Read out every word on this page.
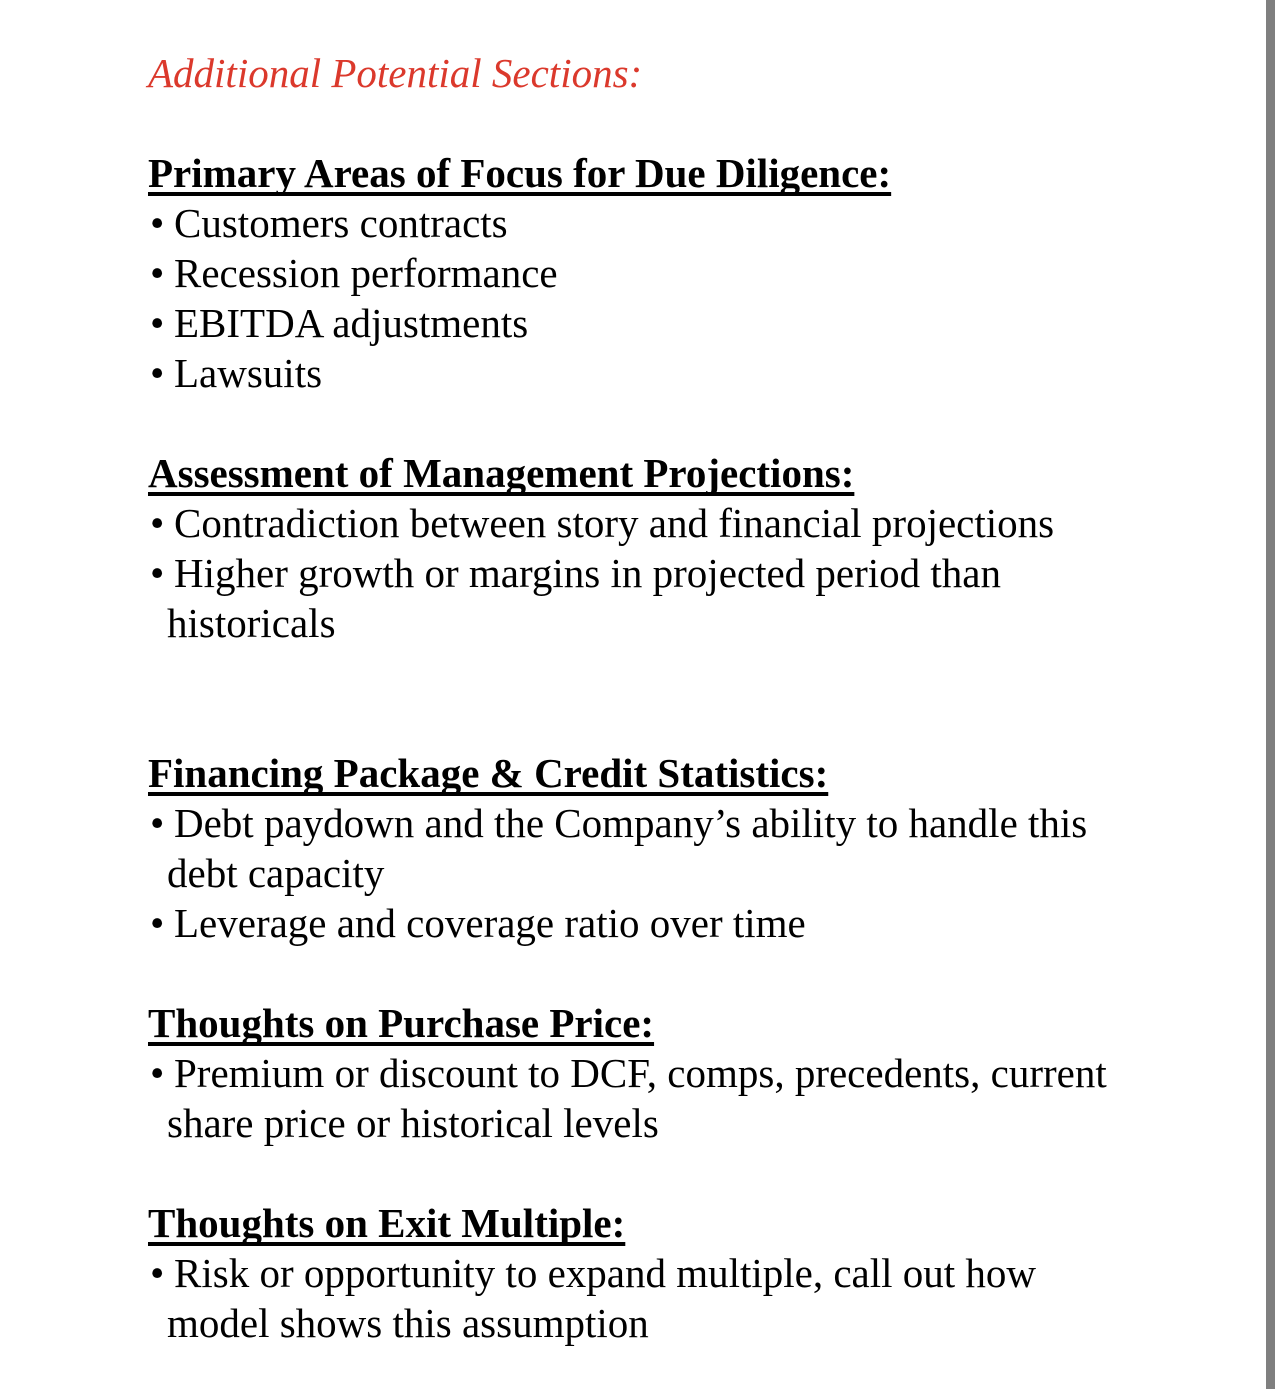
Additional Potential Sections:
Primary Areas of Focus for Due Diligence:
• Customers contracts
• Recession performance
• EBITDA adjustments
• Lawsuits
Assessment of Management Projections:
• Contradiction between story and financial projections
• Higher growth or margins in projected period than
historicals
Financing Package & Credit Statistics:
• Debt paydown and the Company’s ability to handle this
debt capacity
• Leverage and coverage ratio over time
Thoughts on Purchase Price:
• Premium or discount to DCF, comps, precedents, current
share price or historical levels
Thoughts on Exit Multiple:
• Risk or opportunity to expand multiple, call out how
model shows this assumption
